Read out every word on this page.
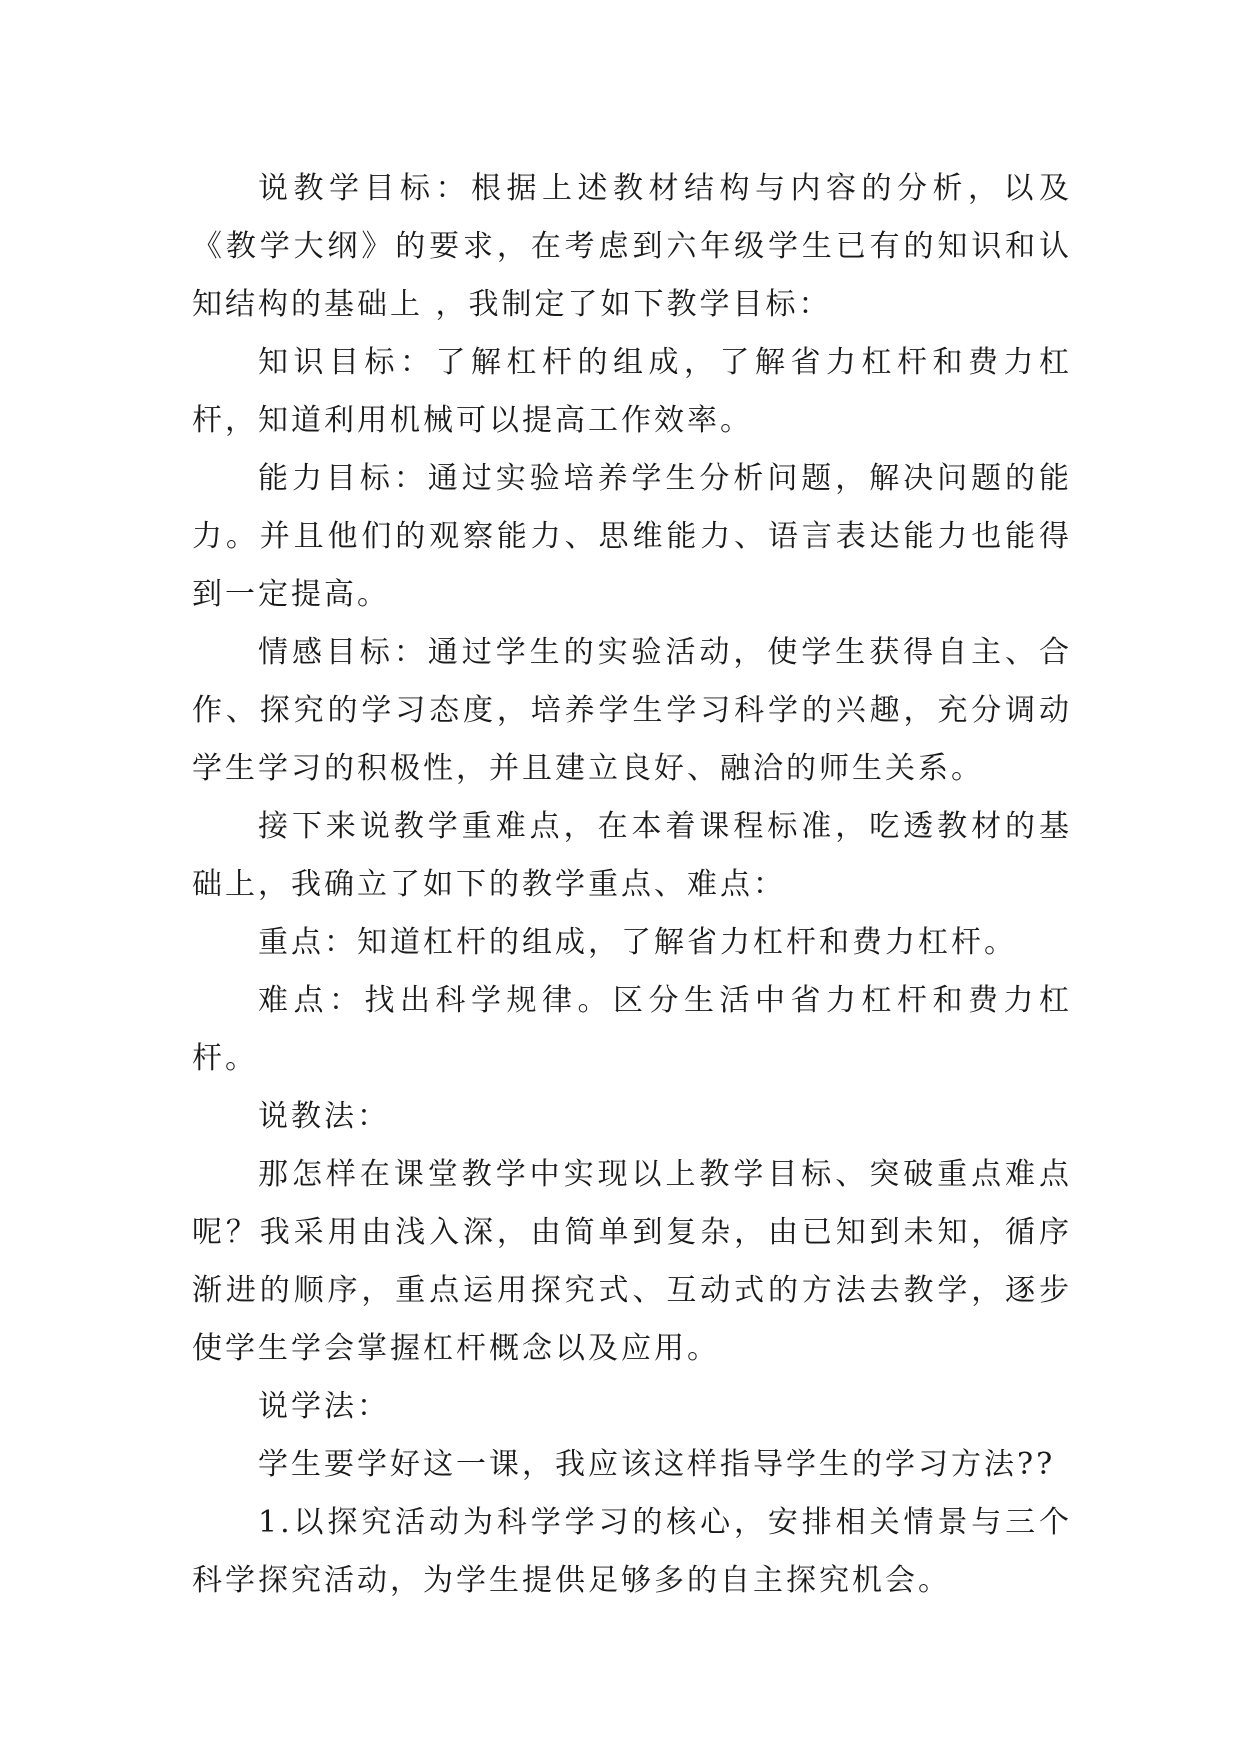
说教学目标：根据上述教材结构与内容的分析，以及《教学大纲》的要求，在考虑到六年级学生已有的知识和认知结构的基础上 ，我制定了如下教学目标：

知识目标：了解杠杆的组成，了解省力杠杆和费力杠杆，知道利用机械可以提高工作效率。

能力目标：通过实验培养学生分析问题，解决问题的能力。并且他们的观察能力、思维能力、语言表达能力也能得到一定提高。

情感目标：通过学生的实验活动，使学生获得自主、合作、探究的学习态度，培养学生学习科学的兴趣，充分调动学生学习的积极性，并且建立良好、融洽的师生关系。

接下来说教学重难点，在本着课程标准，吃透教材的基础上，我确立了如下的教学重点、难点：

重点：知道杠杆的组成，了解省力杠杆和费力杠杆。

难点：找出科学规律。区分生活中省力杠杆和费力杠杆。

说教法：

那怎样在课堂教学中实现以上教学目标、突破重点难点呢？我采用由浅入深，由简单到复杂，由已知到未知，循序渐进的顺序，重点运用探究式、互动式的方法去教学，逐步使学生学会掌握杠杆概念以及应用。

说学法：

学生要学好这一课，我应该这样指导学生的学习方法??

1.以探究活动为科学学习的核心，安排相关情景与三个科学探究活动，为学生提供足够多的自主探究机会。
